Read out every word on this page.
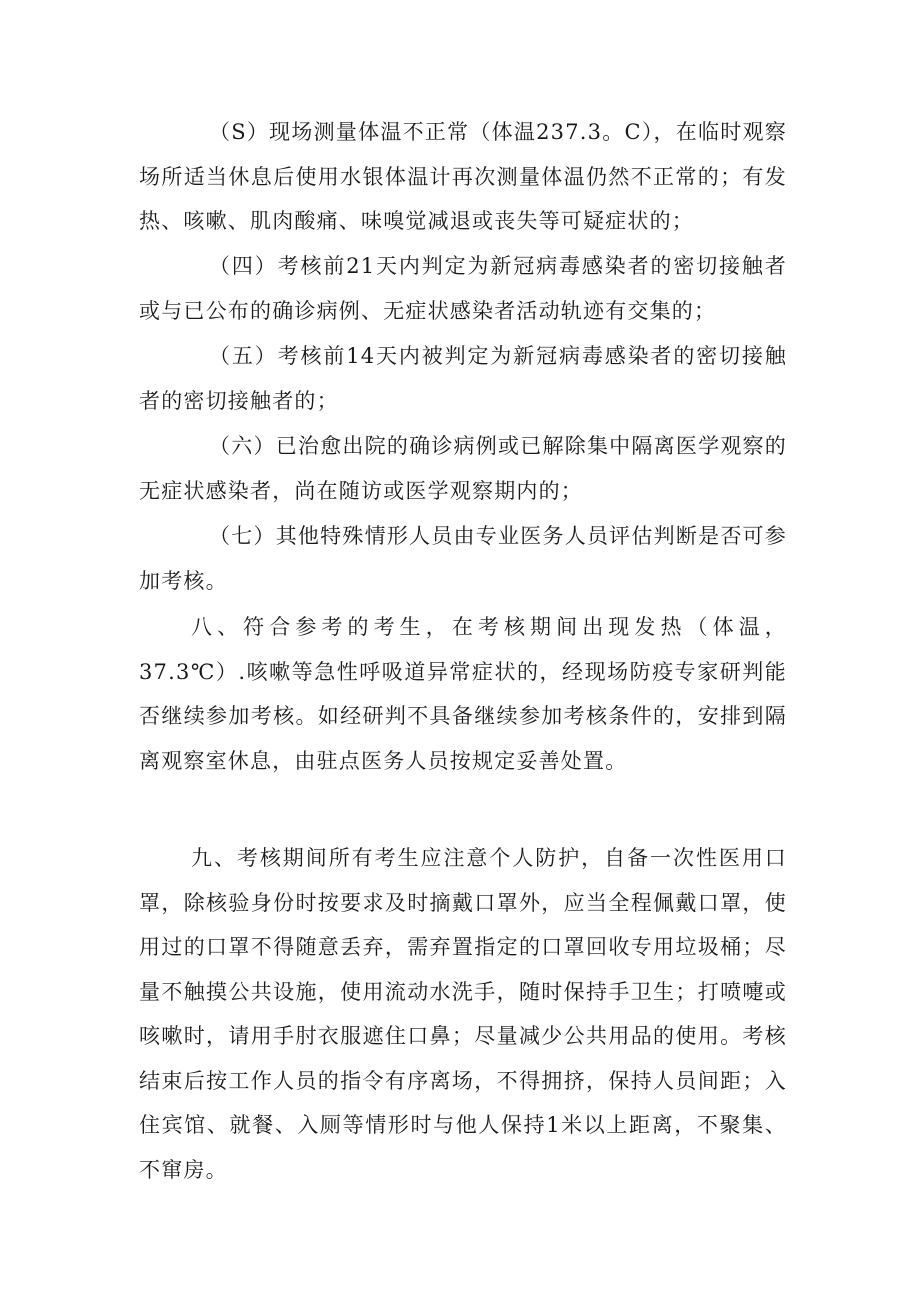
（S）现场测量体温不正常（体温237.3。C），在临时观察场所适当休息后使用水银体温计再次测量体温仍然不正常的；有发热、咳嗽、肌肉酸痛、味嗅觉减退或丧失等可疑症状的；

（四）考核前21天内判定为新冠病毒感染者的密切接触者或与已公布的确诊病例、无症状感染者活动轨迹有交集的；

（五）考核前14天内被判定为新冠病毒感染者的密切接触者的密切接触者的；

（六）已治愈出院的确诊病例或已解除集中隔离医学观察的无症状感染者，尚在随访或医学观察期内的；

（七）其他特殊情形人员由专业医务人员评估判断是否可参加考核。

八、符合参考的考生，在考核期间出现发热（体温，37.3℃）.咳嗽等急性呼吸道异常症状的，经现场防疫专家研判能否继续参加考核。如经研判不具备继续参加考核条件的，安排到隔离观察室休息，由驻点医务人员按规定妥善处置。

九、考核期间所有考生应注意个人防护，自备一次性医用口罩，除核验身份时按要求及时摘戴口罩外，应当全程佩戴口罩，使用过的口罩不得随意丢弃，需弃置指定的口罩回收专用垃圾桶；尽量不触摸公共设施，使用流动水洗手，随时保持手卫生；打喷嚏或咳嗽时，请用手肘衣服遮住口鼻；尽量减少公共用品的使用。考核结束后按工作人员的指令有序离场，不得拥挤，保持人员间距；入住宾馆、就餐、入厕等情形时与他人保持1米以上距离，不聚集、不窜房。
